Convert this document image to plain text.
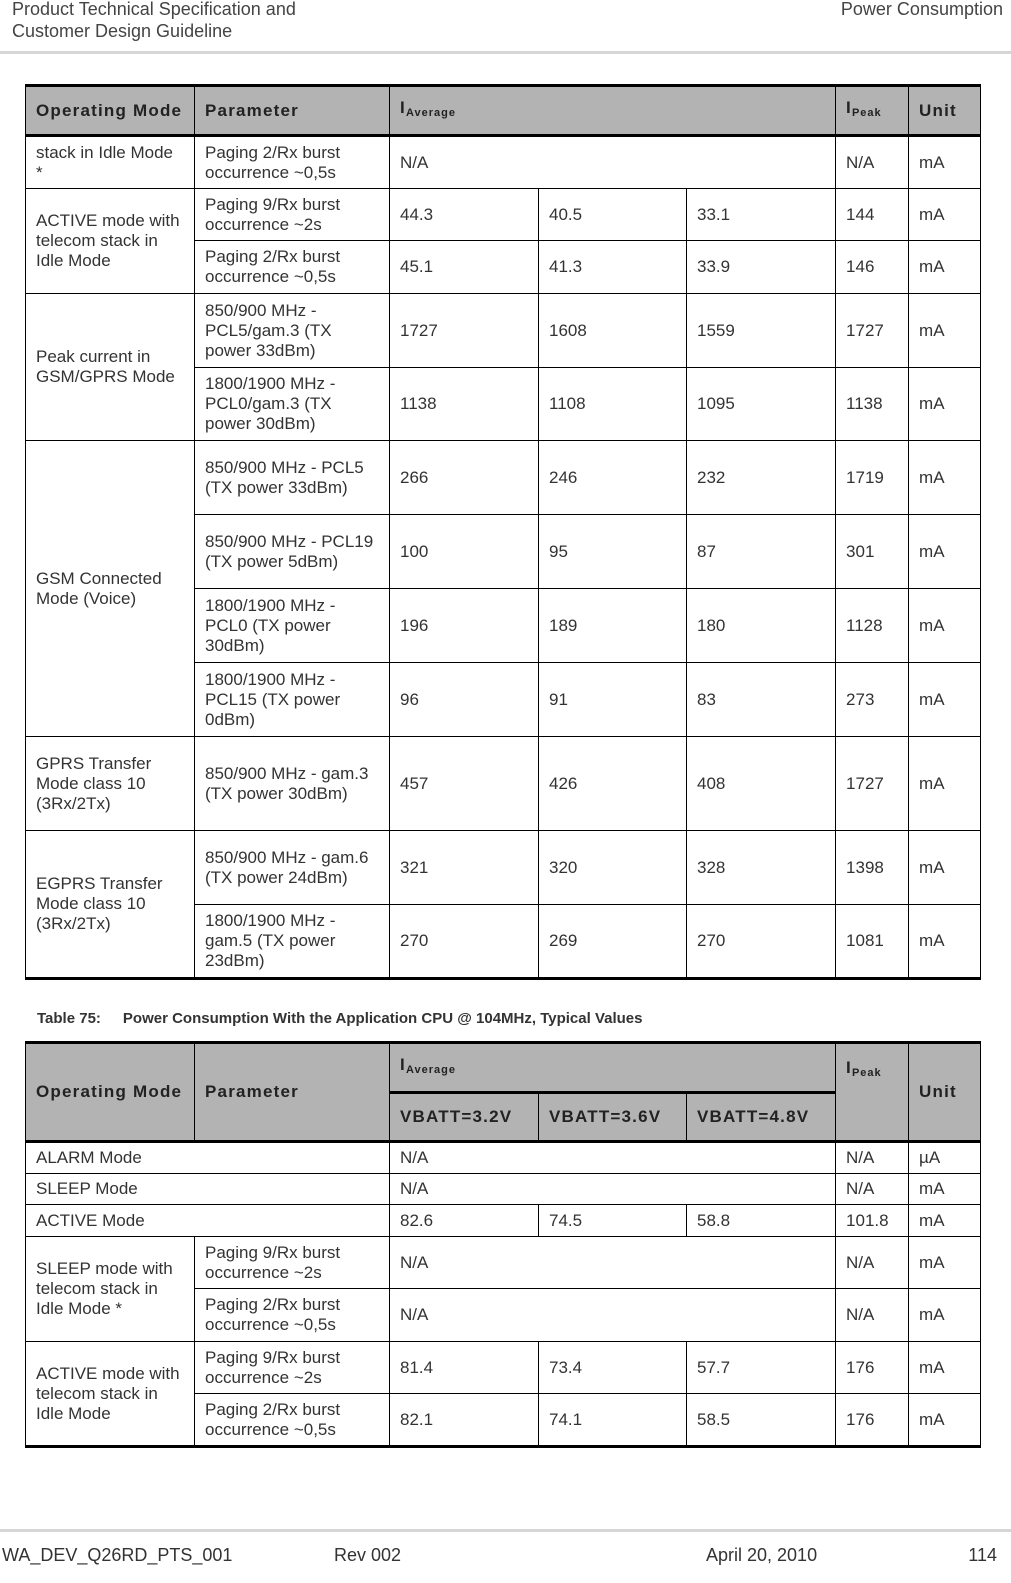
Product Technical Specification and
Customer Design Guideline
Power Consumption
Operating Mode	Parameter	$I_{Average}$			$I_{Peak}$	Unit
stack in Idle Mode *	Paging 2/Rx burst occurrence ~0,5s	N/A			N/A	mA
ACTIVE mode with telecom stack in Idle Mode	Paging 9/Rx burst occurrence ~2s	44.3	40.5	33.1	144	mA
	Paging 2/Rx burst occurrence ~0,5s	45.1	41.3	33.9	146	mA
Peak current in GSM/GPRS Mode	850/900 MHz - PCL5/gam.3 (TX power 33dBm)	1727	1608	1559	1727	mA
	1800/1900 MHz - PCL0/gam.3 (TX power 30dBm)	1138	1108	1095	1138	mA
GSM Connected Mode (Voice)	850/900 MHz - PCL5 (TX power 33dBm)	266	246	232	1719	mA
	850/900 MHz - PCL19 (TX power 5dBm)	100	95	87	301	mA
	1800/1900 MHz - PCL0 (TX power 30dBm)	196	189	180	1128	mA
	1800/1900 MHz - PCL15 (TX power 0dBm)	96	91	83	273	mA
GPRS Transfer Mode class 10 (3Rx/2Tx)	850/900 MHz - gam.3 (TX power 30dBm)	457	426	408	1727	mA
EGPRS Transfer Mode class 10 (3Rx/2Tx)	850/900 MHz - gam.6 (TX power 24dBm)	321	320	328	1398	mA
	1800/1900 MHz - gam.5 (TX power 23dBm)	270	269	270	1081	mA
Table 75: Power Consumption With the Application CPU @ 104MHz, Typical Values
Operating Mode	Parameter	$I_{Average}$			$I_{Peak}$	Unit
		VBATT=3.2V	VBATT=3.6V	VBATT=4.8V		
ALARM Mode		N/A			N/A	µA
SLEEP Mode		N/A			N/A	mA
ACTIVE Mode		82.6	74.5	58.8	101.8	mA
SLEEP mode with telecom stack in Idle Mode *	Paging 9/Rx burst occurrence ~2s	N/A			N/A	mA
	Paging 2/Rx burst occurrence ~0,5s	N/A			N/A	mA
ACTIVE mode with telecom stack in Idle Mode	Paging 9/Rx burst occurrence ~2s	81.4	73.4	57.7	176	mA
	Paging 2/Rx burst occurrence ~0,5s	82.1	74.1	58.5	176	mA
WA_DEV_Q26RD_PTS_001	Rev 002	April 20, 2010	114
